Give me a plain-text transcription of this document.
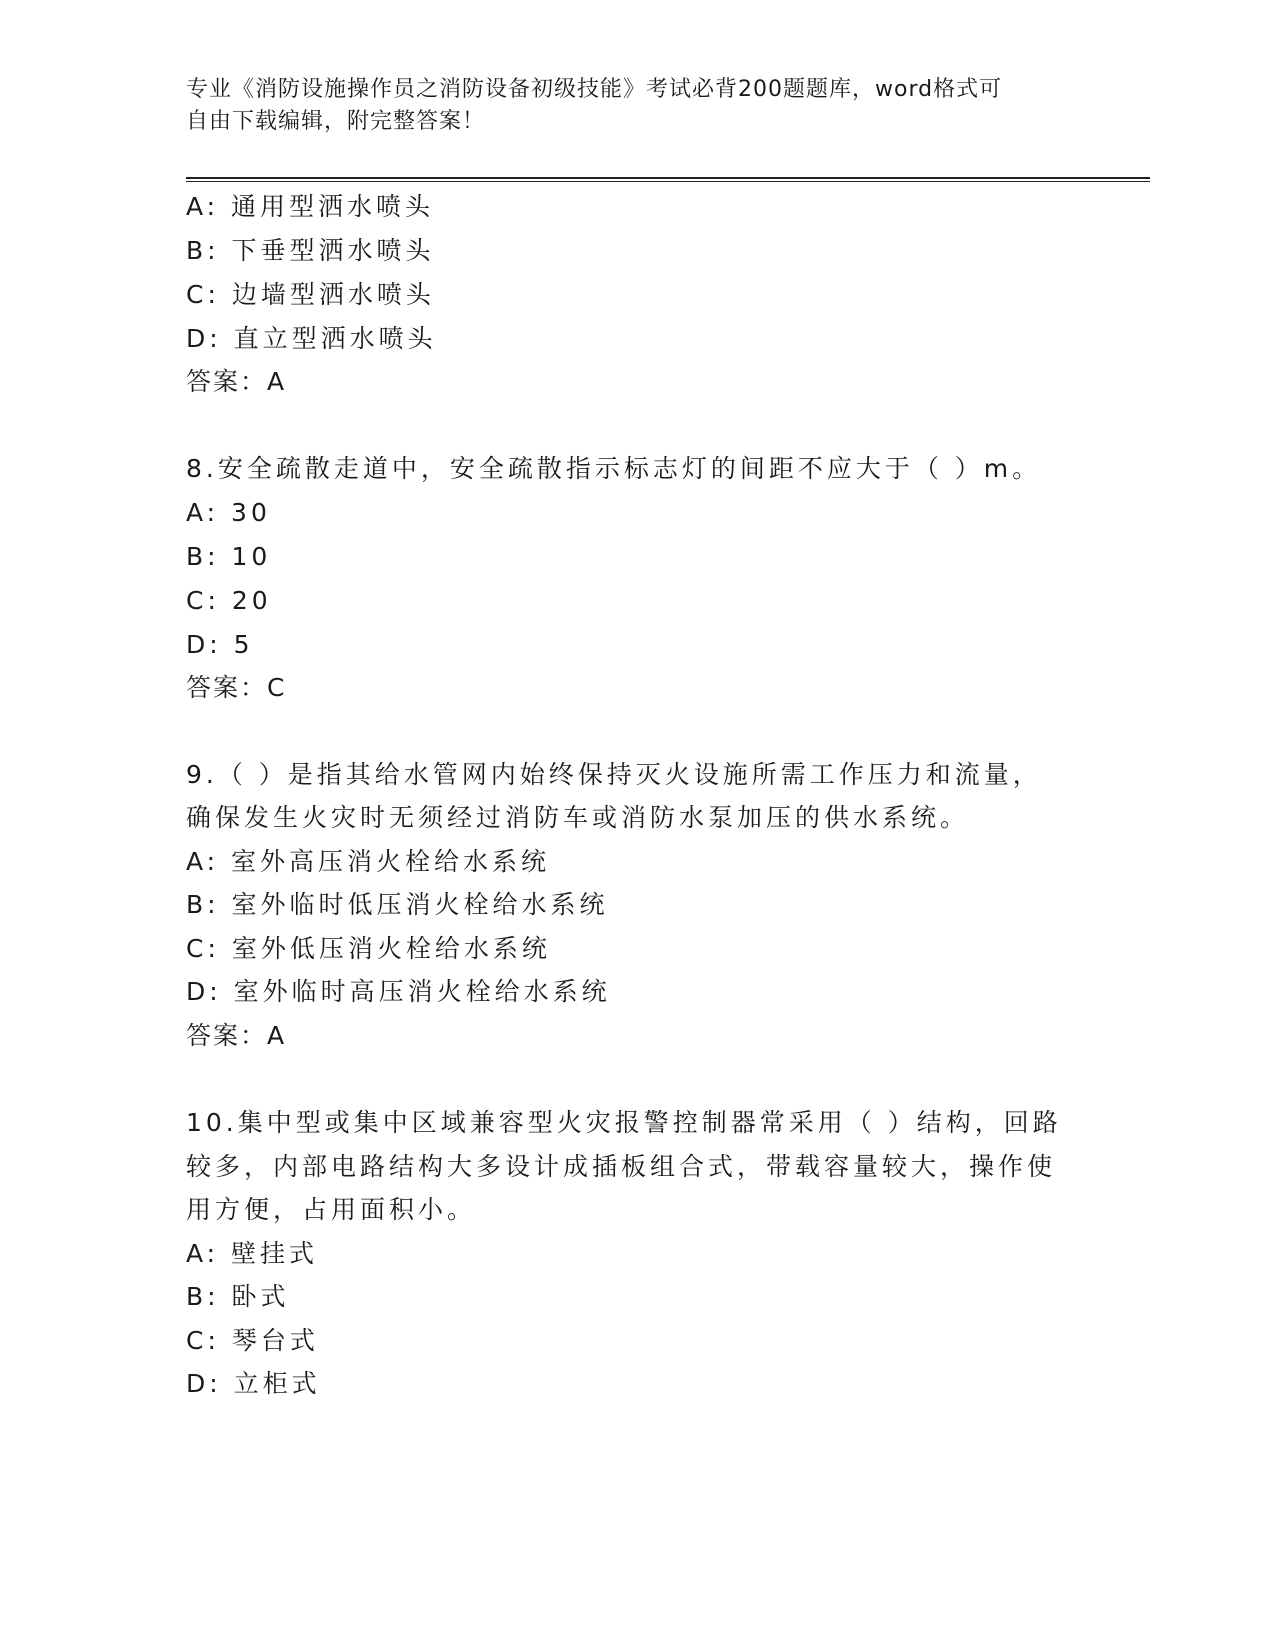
专业《消防设施操作员之消防设备初级技能》考试必背200题题库，word格式可
自由下载编辑，附完整答案！
A: 通用型洒水喷头
B: 下垂型洒水喷头
C: 边墙型洒水喷头
D: 直立型洒水喷头
答案：A
8.安全疏散走道中，安全疏散指示标志灯的间距不应大于（ ）m。
A: 30
B: 10
C: 20
D: 5
答案：C
9.（ ）是指其给水管网内始终保持灭火设施所需工作压力和流量，
确保发生火灾时无须经过消防车或消防水泵加压的供水系统。
A: 室外高压消火栓给水系统
B: 室外临时低压消火栓给水系统
C: 室外低压消火栓给水系统
D: 室外临时高压消火栓给水系统
答案：A
10.集中型或集中区域兼容型火灾报警控制器常采用（ ）结构，回路
较多，内部电路结构大多设计成插板组合式，带载容量较大，操作使
用方便，占用面积小。
A: 壁挂式
B: 卧式
C: 琴台式
D: 立柜式
